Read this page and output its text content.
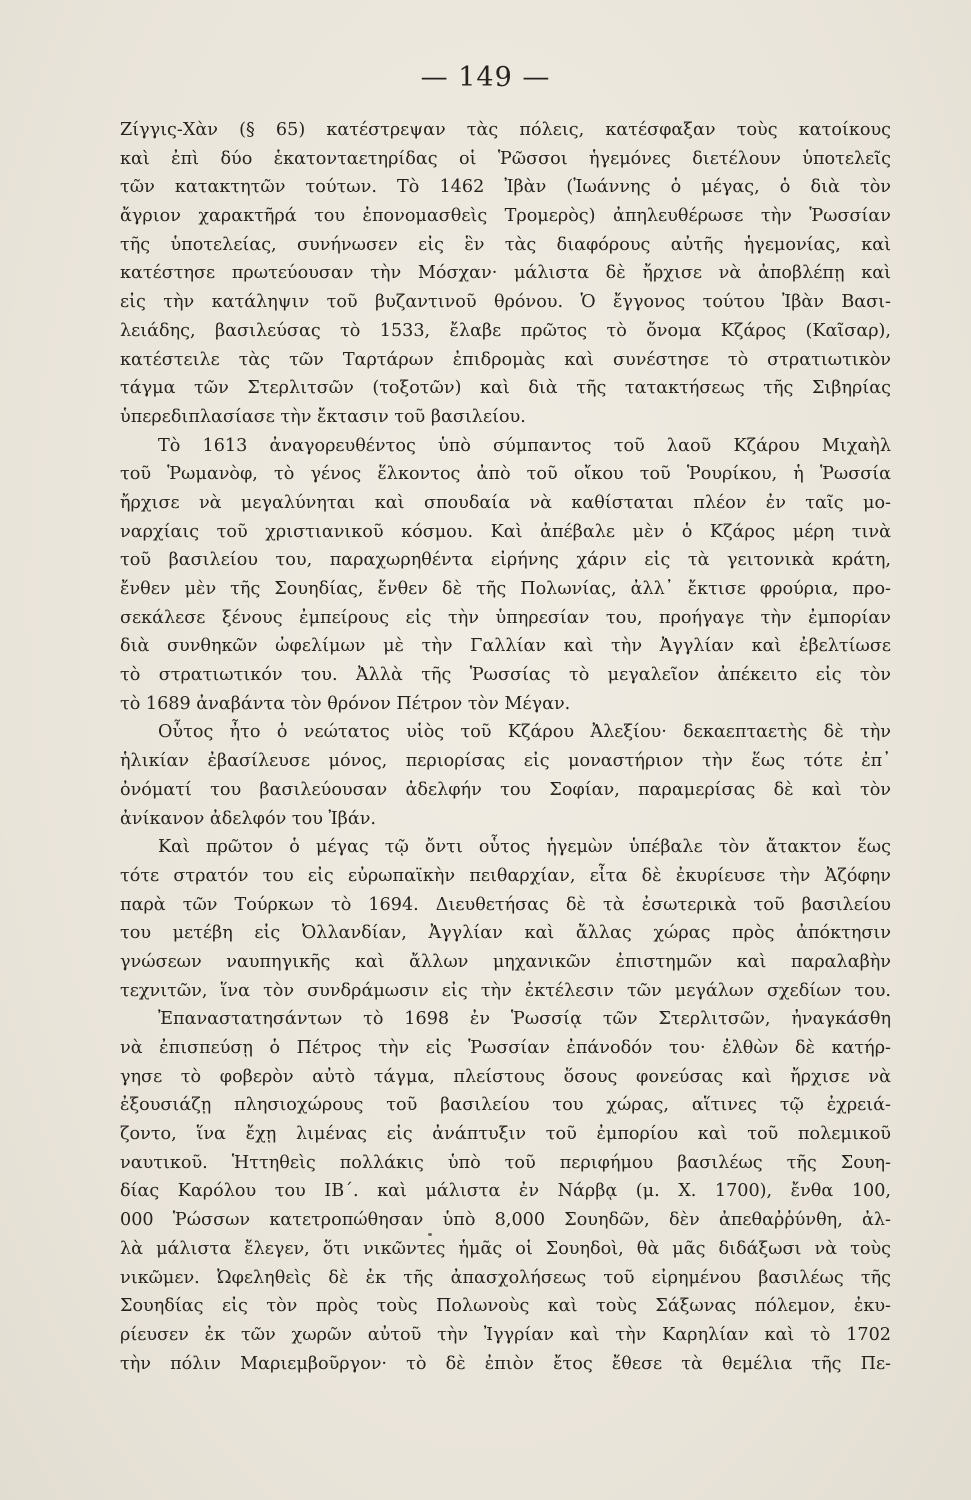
— 149 —
Ζίγγις-Χὰν (§ 65) κατέστρεψαν τὰς πόλεις, κατέσφαξαν τοὺς κατοίκους
καὶ ἐπὶ δύο ἑκατονταετηρίδας οἱ Ῥῶσσοι ἡγεμόνες διετέλουν ὑποτελεῖς
τῶν κατακτητῶν τούτων. Τὸ 1462 Ἰβὰν (Ἰωάννης ὁ μέγας, ὁ διὰ τὸν
ἄγριον χαρακτῆρά του ἐπονομασθεὶς Τρομερὸς) ἀπηλευθέρωσε τὴν Ῥωσσίαν
τῆς ὑποτελείας, συνήνωσεν εἰς ἓν τὰς διαφόρους αὐτῆς ἡγεμονίας, καὶ
κατέστησε πρωτεύουσαν τὴν Μόσχαν· μάλιστα δὲ ἤρχισε νὰ ἀποβλέπῃ καὶ
εἰς τὴν κατάληψιν τοῦ βυζαντινοῦ θρόνου. Ὁ ἔγγονος τούτου Ἰβὰν Βασι-
λειάδης, βασιλεύσας τὸ 1533, ἔλαβε πρῶτος τὸ ὄνομα Κζάρος (Καῖσαρ),
κατέστειλε τὰς τῶν Ταρτάρων ἐπιδρομὰς καὶ συνέστησε τὸ στρατιωτικὸν
τάγμα τῶν Στερλιτσῶν (τοξοτῶν) καὶ διὰ τῆς τατακτήσεως τῆς Σιβηρίας
ὑπερεδιπλασίασε τὴν ἔκτασιν τοῦ βασιλείου.
Τὸ 1613 ἀναγορευθέντος ὑπὸ σύμπαντος τοῦ λαοῦ Κζάρου Μιχαὴλ
τοῦ Ῥωμανὸφ, τὸ γένος ἕλκοντος ἀπὸ τοῦ οἴκου τοῦ Ῥουρίκου, ἡ Ῥωσσία
ἤρχισε νὰ μεγαλύνηται καὶ σπουδαία νὰ καθίσταται πλέον ἐν ταῖς μο-
ναρχίαις τοῦ χριστιανικοῦ κόσμου. Καὶ ἀπέβαλε μὲν ὁ Κζάρος μέρη τινὰ
τοῦ βασιλείου του, παραχωρηθέντα εἰρήνης χάριν εἰς τὰ γειτονικὰ κράτη,
ἔνθεν μὲν τῆς Σουηδίας, ἔνθεν δὲ τῆς Πολωνίας, ἀλλ᾿ ἔκτισε φρούρια, προ-
σεκάλεσε ξένους ἐμπείρους εἰς τὴν ὑπηρεσίαν του, προήγαγε τὴν ἐμπορίαν
διὰ συνθηκῶν ὠφελίμων μὲ τὴν Γαλλίαν καὶ τὴν Ἀγγλίαν καὶ ἐβελτίωσε
τὸ στρατιωτικόν του. Ἀλλὰ τῆς Ῥωσσίας τὸ μεγαλεῖον ἀπέκειτο εἰς τὸν
τὸ 1689 ἀναβάντα τὸν θρόνον Πέτρον τὸν Μέγαν.
Οὗτος ἦτο ὁ νεώτατος υἱὸς τοῦ Κζάρου Ἀλεξίου· δεκαεπταετὴς δὲ τὴν
ἡλικίαν ἐβασίλευσε μόνος, περιορίσας εἰς μοναστήριον τὴν ἕως τότε ἐπ᾿
ὀνόματί του βασιλεύουσαν ἀδελφήν του Σοφίαν, παραμερίσας δὲ καὶ τὸν
ἀνίκανον ἀδελφόν του Ἰβάν.
Καὶ πρῶτον ὁ μέγας τῷ ὄντι οὗτος ἡγεμὼν ὑπέβαλε τὸν ἄτακτον ἕως
τότε στρατόν του εἰς εὐρωπαϊκὴν πειθαρχίαν, εἶτα δὲ ἐκυρίευσε τὴν Ἀζόφην
παρὰ τῶν Τούρκων τὸ 1694. Διευθετήσας δὲ τὰ ἐσωτερικὰ τοῦ βασιλείου
του μετέβη εἰς Ὀλλανδίαν, Ἀγγλίαν καὶ ἄλλας χώρας πρὸς ἀπόκτησιν
γνώσεων ναυπηγικῆς καὶ ἄλλων μηχανικῶν ἐπιστημῶν καὶ παραλαβὴν
τεχνιτῶν, ἵνα τὸν συνδράμωσιν εἰς τὴν ἐκτέλεσιν τῶν μεγάλων σχεδίων του.
Ἐπαναστατησάντων τὸ 1698 ἐν Ῥωσσίᾳ τῶν Στερλιτσῶν, ἠναγκάσθη
νὰ ἐπισπεύσῃ ὁ Πέτρος τὴν εἰς Ῥωσσίαν ἐπάνοδόν του· ἐλθὼν δὲ κατήρ-
γησε τὸ φοβερὸν αὐτὸ τάγμα, πλείστους ὅσους φονεύσας καὶ ἤρχισε νὰ
ἐξουσιάζῃ πλησιοχώρους τοῦ βασιλείου του χώρας, αἵτινες τῷ ἐχρειά-
ζοντο, ἵνα ἔχῃ λιμένας εἰς ἀνάπτυξιν τοῦ ἐμπορίου καὶ τοῦ πολεμικοῦ
ναυτικοῦ. Ἡττηθεὶς πολλάκις ὑπὸ τοῦ περιφήμου βασιλέως τῆς Σουη-
δίας Καρόλου του ΙΒ΄. καὶ μάλιστα ἐν Νάρβᾳ (μ. Χ. 1700), ἔνθα 100,
000 Ῥώσσων κατετροπώθησαν ὑπὸ 8,000 Σουηδῶν, δὲν ἀπεθαῤῥύνθη, ἀλ-
λὰ μάλιστα ἔλεγεν, ὅτι νικῶντες ἡμᾶς οἱ Σουηδοὶ, θὰ μᾶς διδάξωσι νὰ τοὺς
νικῶμεν. Ὠφεληθεὶς δὲ ἐκ τῆς ἀπασχολήσεως τοῦ εἰρημένου βασιλέως τῆς
Σουηδίας εἰς τὸν πρὸς τοὺς Πολωνοὺς καὶ τοὺς Σάξωνας πόλεμον, ἐκυ-
ρίευσεν ἐκ τῶν χωρῶν αὐτοῦ τὴν Ἰγγρίαν καὶ τὴν Καρηλίαν καὶ τὸ 1702
τὴν πόλιν Μαριεμβοῦργον· τὸ δὲ ἐπιὸν ἔτος ἔθεσε τὰ θεμέλια τῆς Πε-
